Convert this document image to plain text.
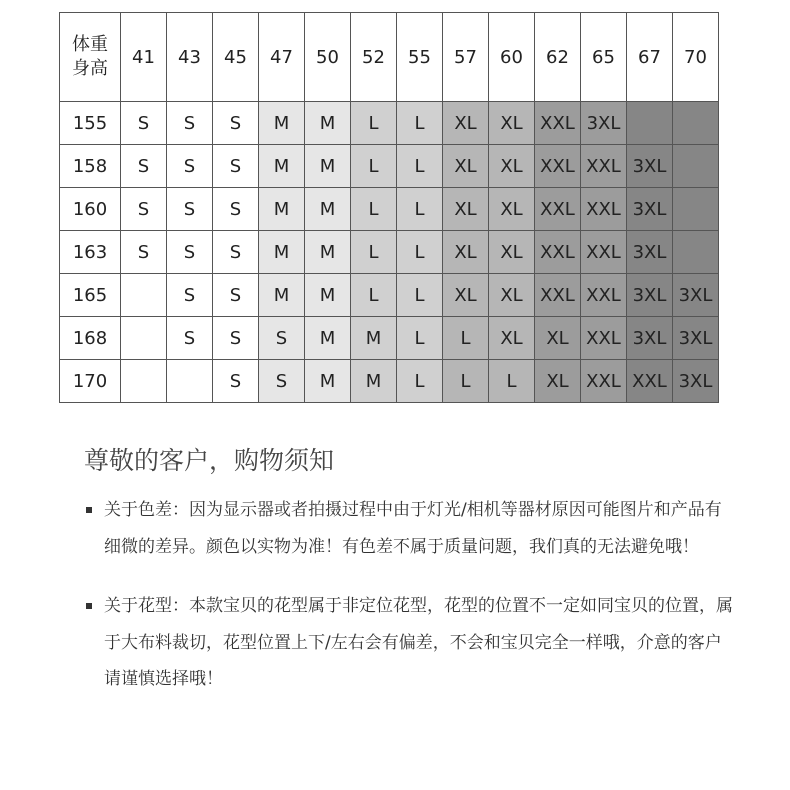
体重
身高	41	43	45	47	50	52	55	57	60	62	65	67	70
155	S	S	S	M	M	L	L	XL	XL	XXL	3XL		
158	S	S	S	M	M	L	L	XL	XL	XXL	XXL	3XL	
160	S	S	S	M	M	L	L	XL	XL	XXL	XXL	3XL	
163	S	S	S	M	M	L	L	XL	XL	XXL	XXL	3XL	
165		S	S	M	M	L	L	XL	XL	XXL	XXL	3XL	3XL
168		S	S	S	M	M	L	L	XL	XL	XXL	3XL	3XL
170			S	S	M	M	L	L	L	XL	XXL	XXL	3XL
尊敬的客户，购物须知
关于色差：因为显示器或者拍摄过程中由于灯光/相机等器材原因可能图片和产品有细微的差异。颜色以实物为准！有色差不属于质量问题，我们真的无法避免哦！
关于花型：本款宝贝的花型属于非定位花型，花型的位置不一定如同宝贝的位置，属于大布料裁切，花型位置上下/左右会有偏差，不会和宝贝完全一样哦，介意的客户请谨慎选择哦！
